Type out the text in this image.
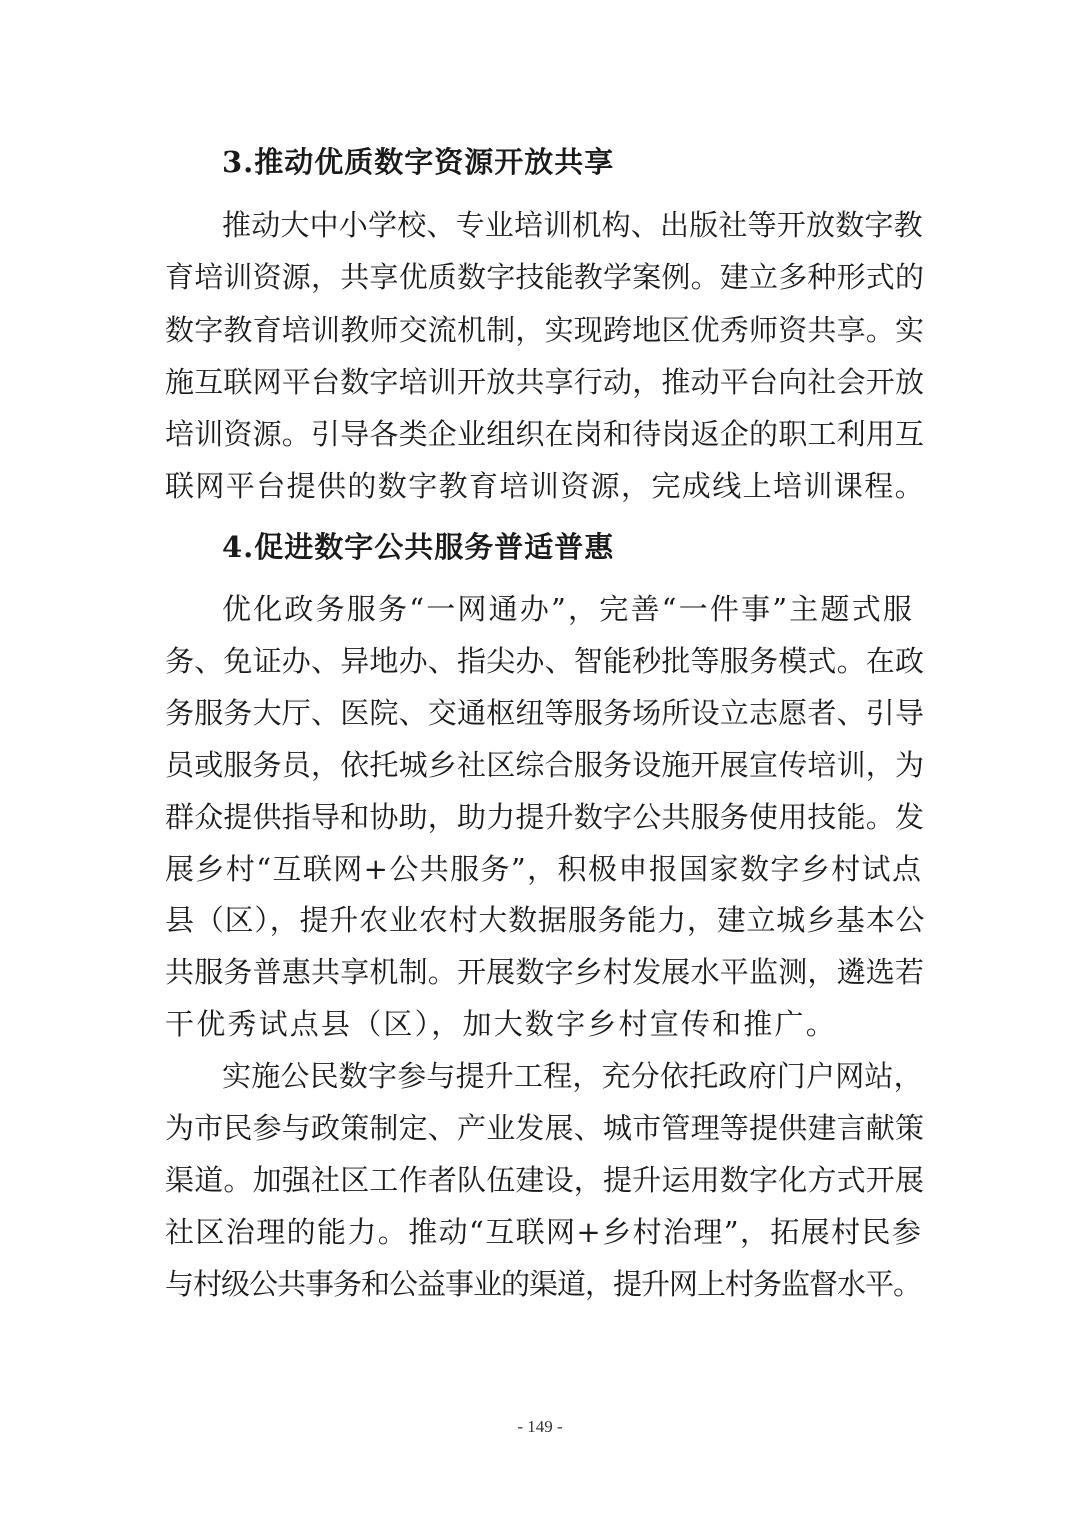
3.推动优质数字资源开放共享
推动大中小学校、专业培训机构、出版社等开放数字教
育培训资源，共享优质数字技能教学案例。建立多种形式的
数字教育培训教师交流机制，实现跨地区优秀师资共享。实
施互联网平台数字培训开放共享行动，推动平台向社会开放
培训资源。引导各类企业组织在岗和待岗返企的职工利用互
联网平台提供的数字教育培训资源，完成线上培训课程。
4.促进数字公共服务普适普惠
优化政务服务“一网通办”，完善“一件事”主题式服
务、免证办、异地办、指尖办、智能秒批等服务模式。在政
务服务大厅、医院、交通枢纽等服务场所设立志愿者、引导
员或服务员，依托城乡社区综合服务设施开展宣传培训，为
群众提供指导和协助，助力提升数字公共服务使用技能。发
展乡村“互联网+公共服务”，积极申报国家数字乡村试点
县（区），提升农业农村大数据服务能力，建立城乡基本公
共服务普惠共享机制。开展数字乡村发展水平监测，遴选若
干优秀试点县（区），加大数字乡村宣传和推广。
实施公民数字参与提升工程，充分依托政府门户网站，
为市民参与政策制定、产业发展、城市管理等提供建言献策
渠道。加强社区工作者队伍建设，提升运用数字化方式开展
社区治理的能力。推动“互联网+乡村治理”，拓展村民参
与村级公共事务和公益事业的渠道，提升网上村务监督水平。
- 149 -
